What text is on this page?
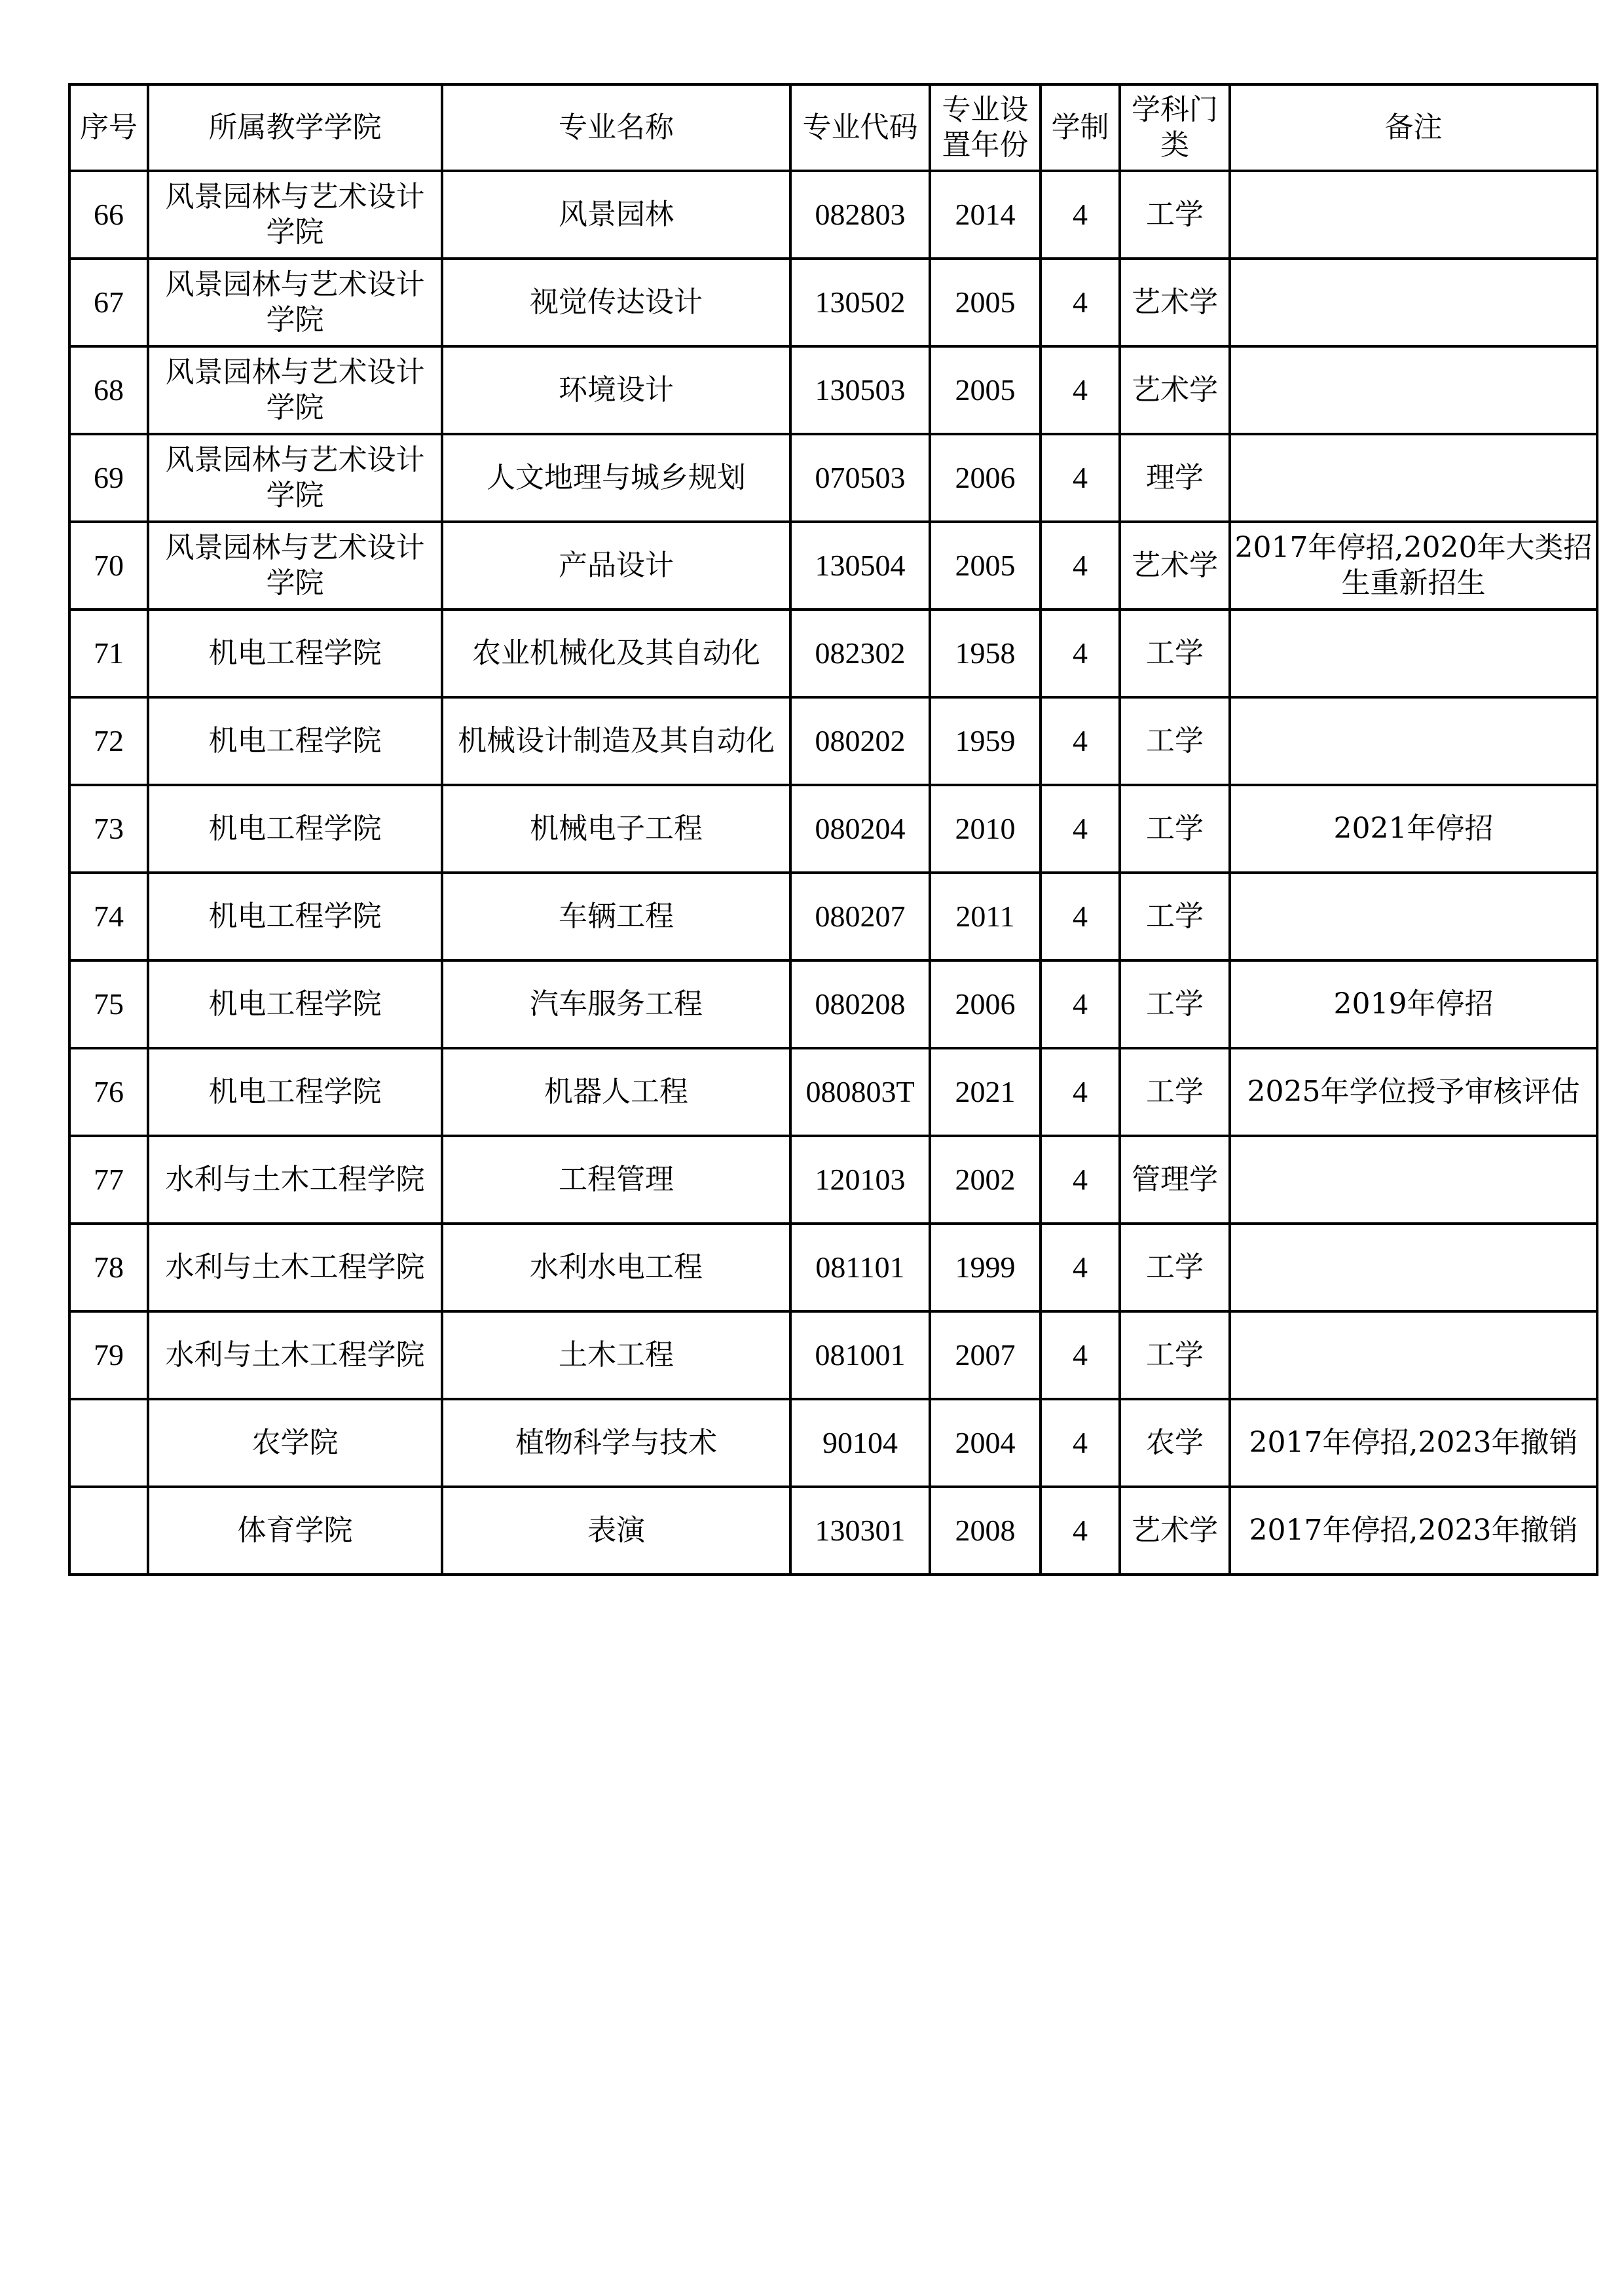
序号	所属教学学院	专业名称	专业代码	专业设置年份	学制	学科门类	备注
66	风景园林与艺术设计学院	风景园林	082803	2014	4	工学	
67	风景园林与艺术设计学院	视觉传达设计	130502	2005	4	艺术学	
68	风景园林与艺术设计学院	环境设计	130503	2005	4	艺术学	
69	风景园林与艺术设计学院	人文地理与城乡规划	070503	2006	4	理学	
70	风景园林与艺术设计学院	产品设计	130504	2005	4	艺术学	2017年停招,2020年大类招生重新招生
71	机电工程学院	农业机械化及其自动化	082302	1958	4	工学	
72	机电工程学院	机械设计制造及其自动化	080202	1959	4	工学	
73	机电工程学院	机械电子工程	080204	2010	4	工学	2021年停招
74	机电工程学院	车辆工程	080207	2011	4	工学	
75	机电工程学院	汽车服务工程	080208	2006	4	工学	2019年停招
76	机电工程学院	机器人工程	080803T	2021	4	工学	2025年学位授予审核评估
77	水利与土木工程学院	工程管理	120103	2002	4	管理学	
78	水利与土木工程学院	水利水电工程	081101	1999	4	工学	
79	水利与土木工程学院	土木工程	081001	2007	4	工学	
	农学院	植物科学与技术	90104	2004	4	农学	2017年停招,2023年撤销
	体育学院	表演	130301	2008	4	艺术学	2017年停招,2023年撤销
